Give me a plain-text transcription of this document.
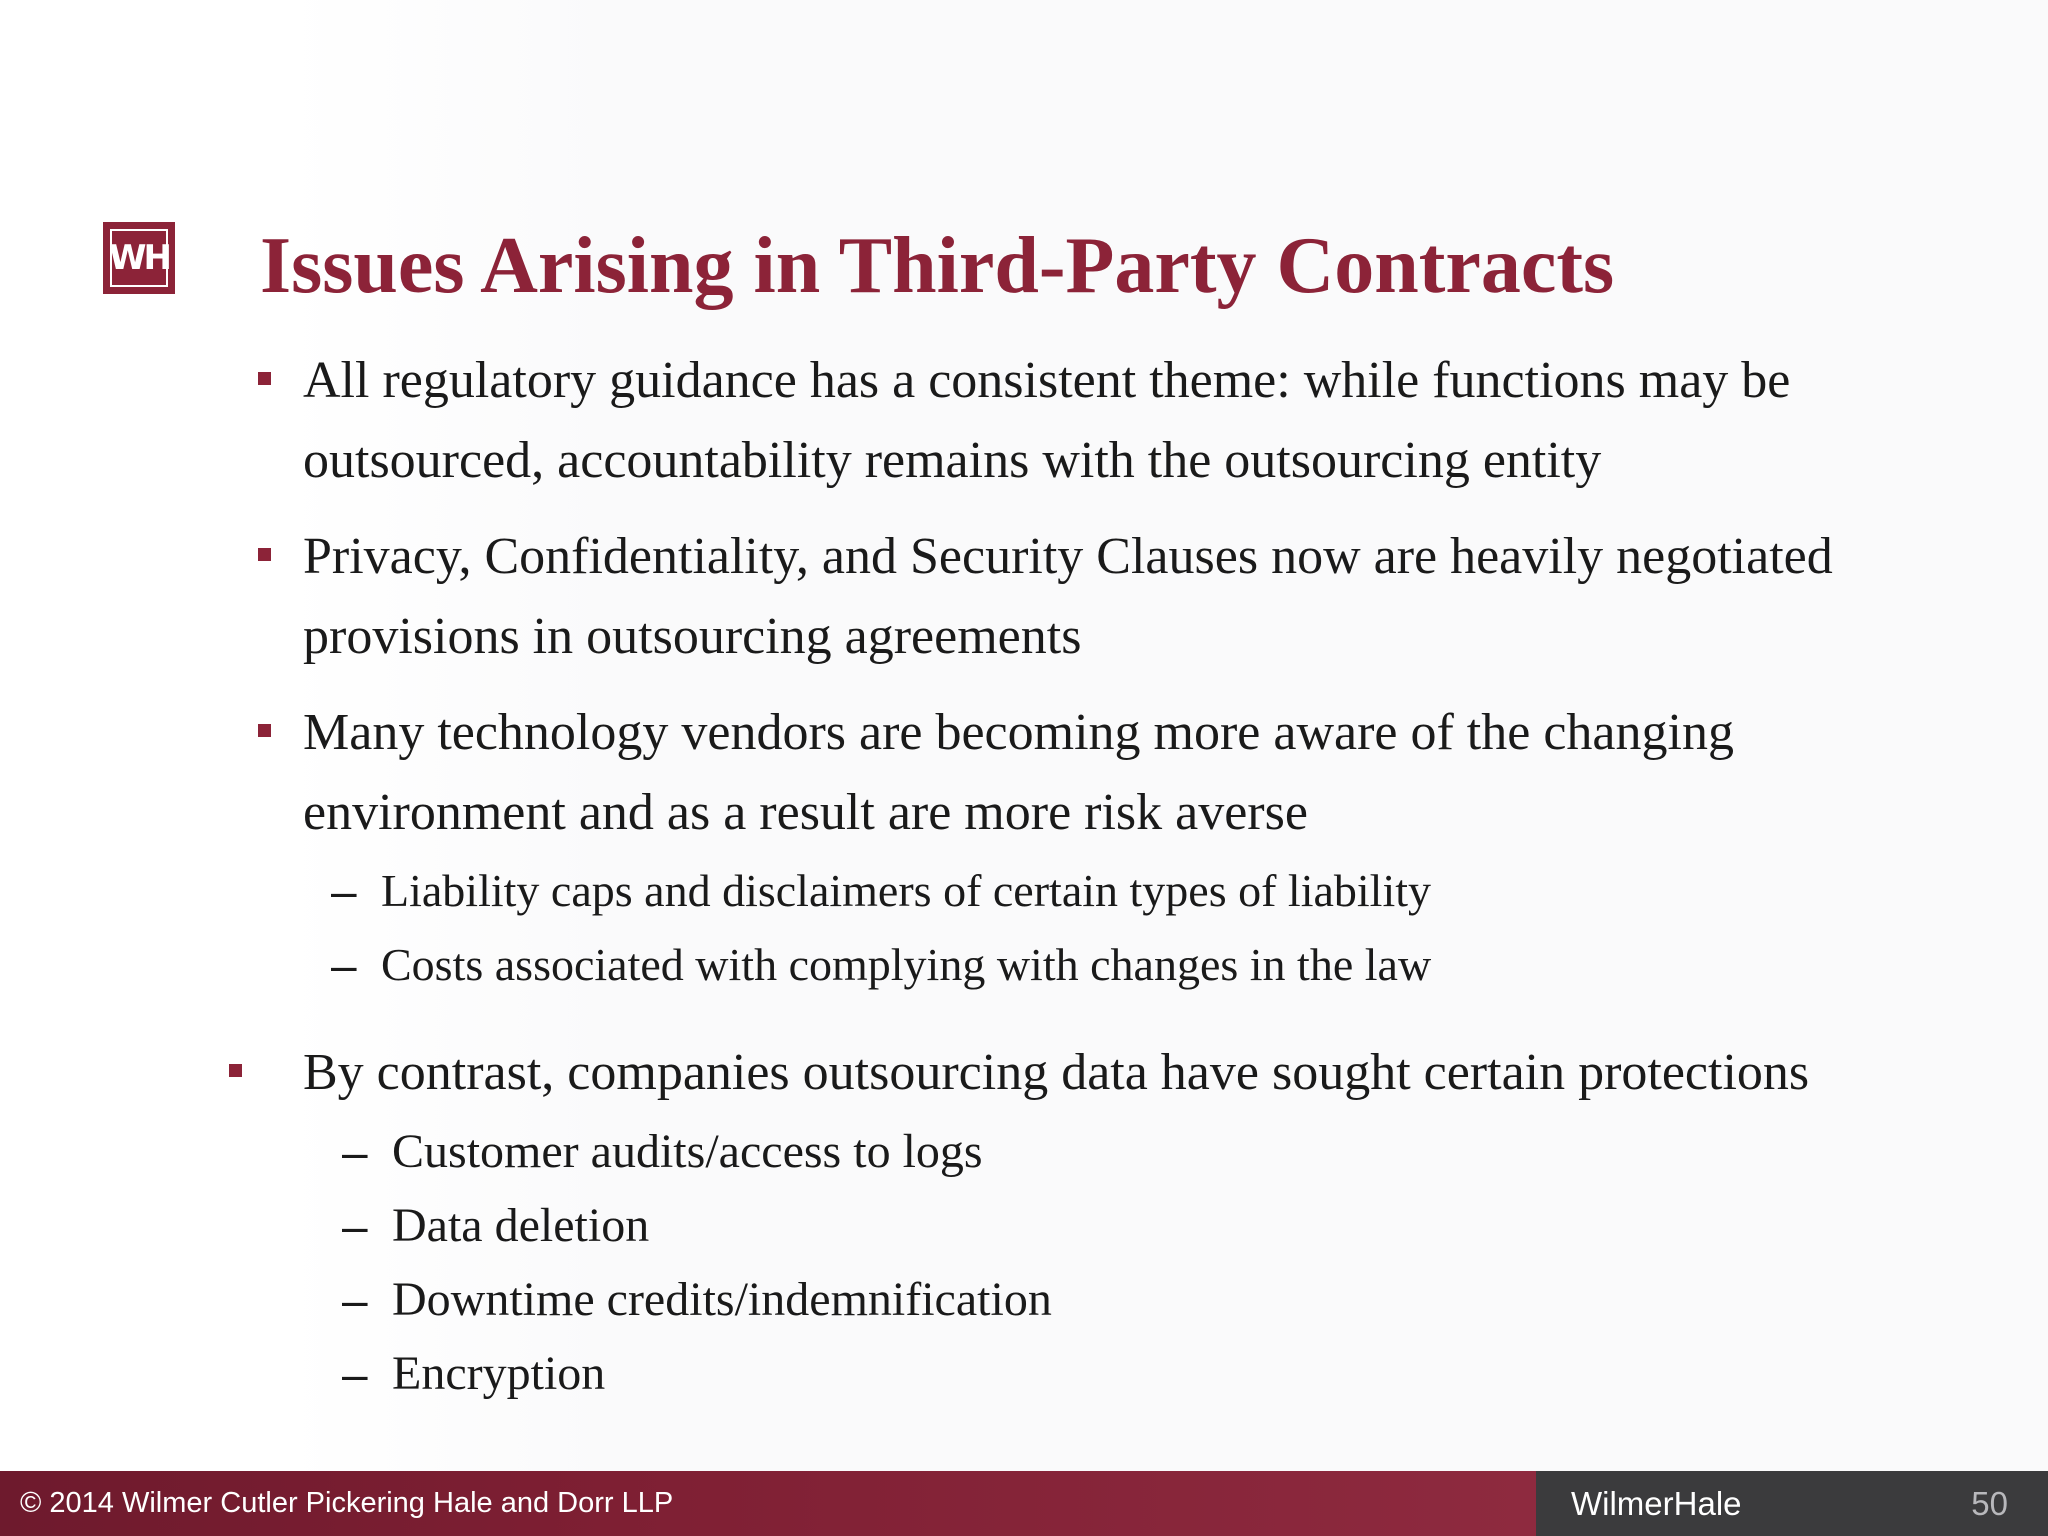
WH Issues Arising in Third-Party Contracts
All regulatory guidance has a consistent theme: while functions may be outsourced, accountability remains with the outsourcing entity
Privacy, Confidentiality, and Security Clauses now are heavily negotiated provisions in outsourcing agreements
Many technology vendors are becoming more aware of the changing environment and as a result are more risk averse
– Liability caps and disclaimers of certain types of liability
– Costs associated with complying with changes in the law
By contrast, companies outsourcing data have sought certain protections
– Customer audits/access to logs
– Data deletion
– Downtime credits/indemnification
– Encryption
© 2014 Wilmer Cutler Pickering Hale and Dorr LLP	WilmerHale	50
